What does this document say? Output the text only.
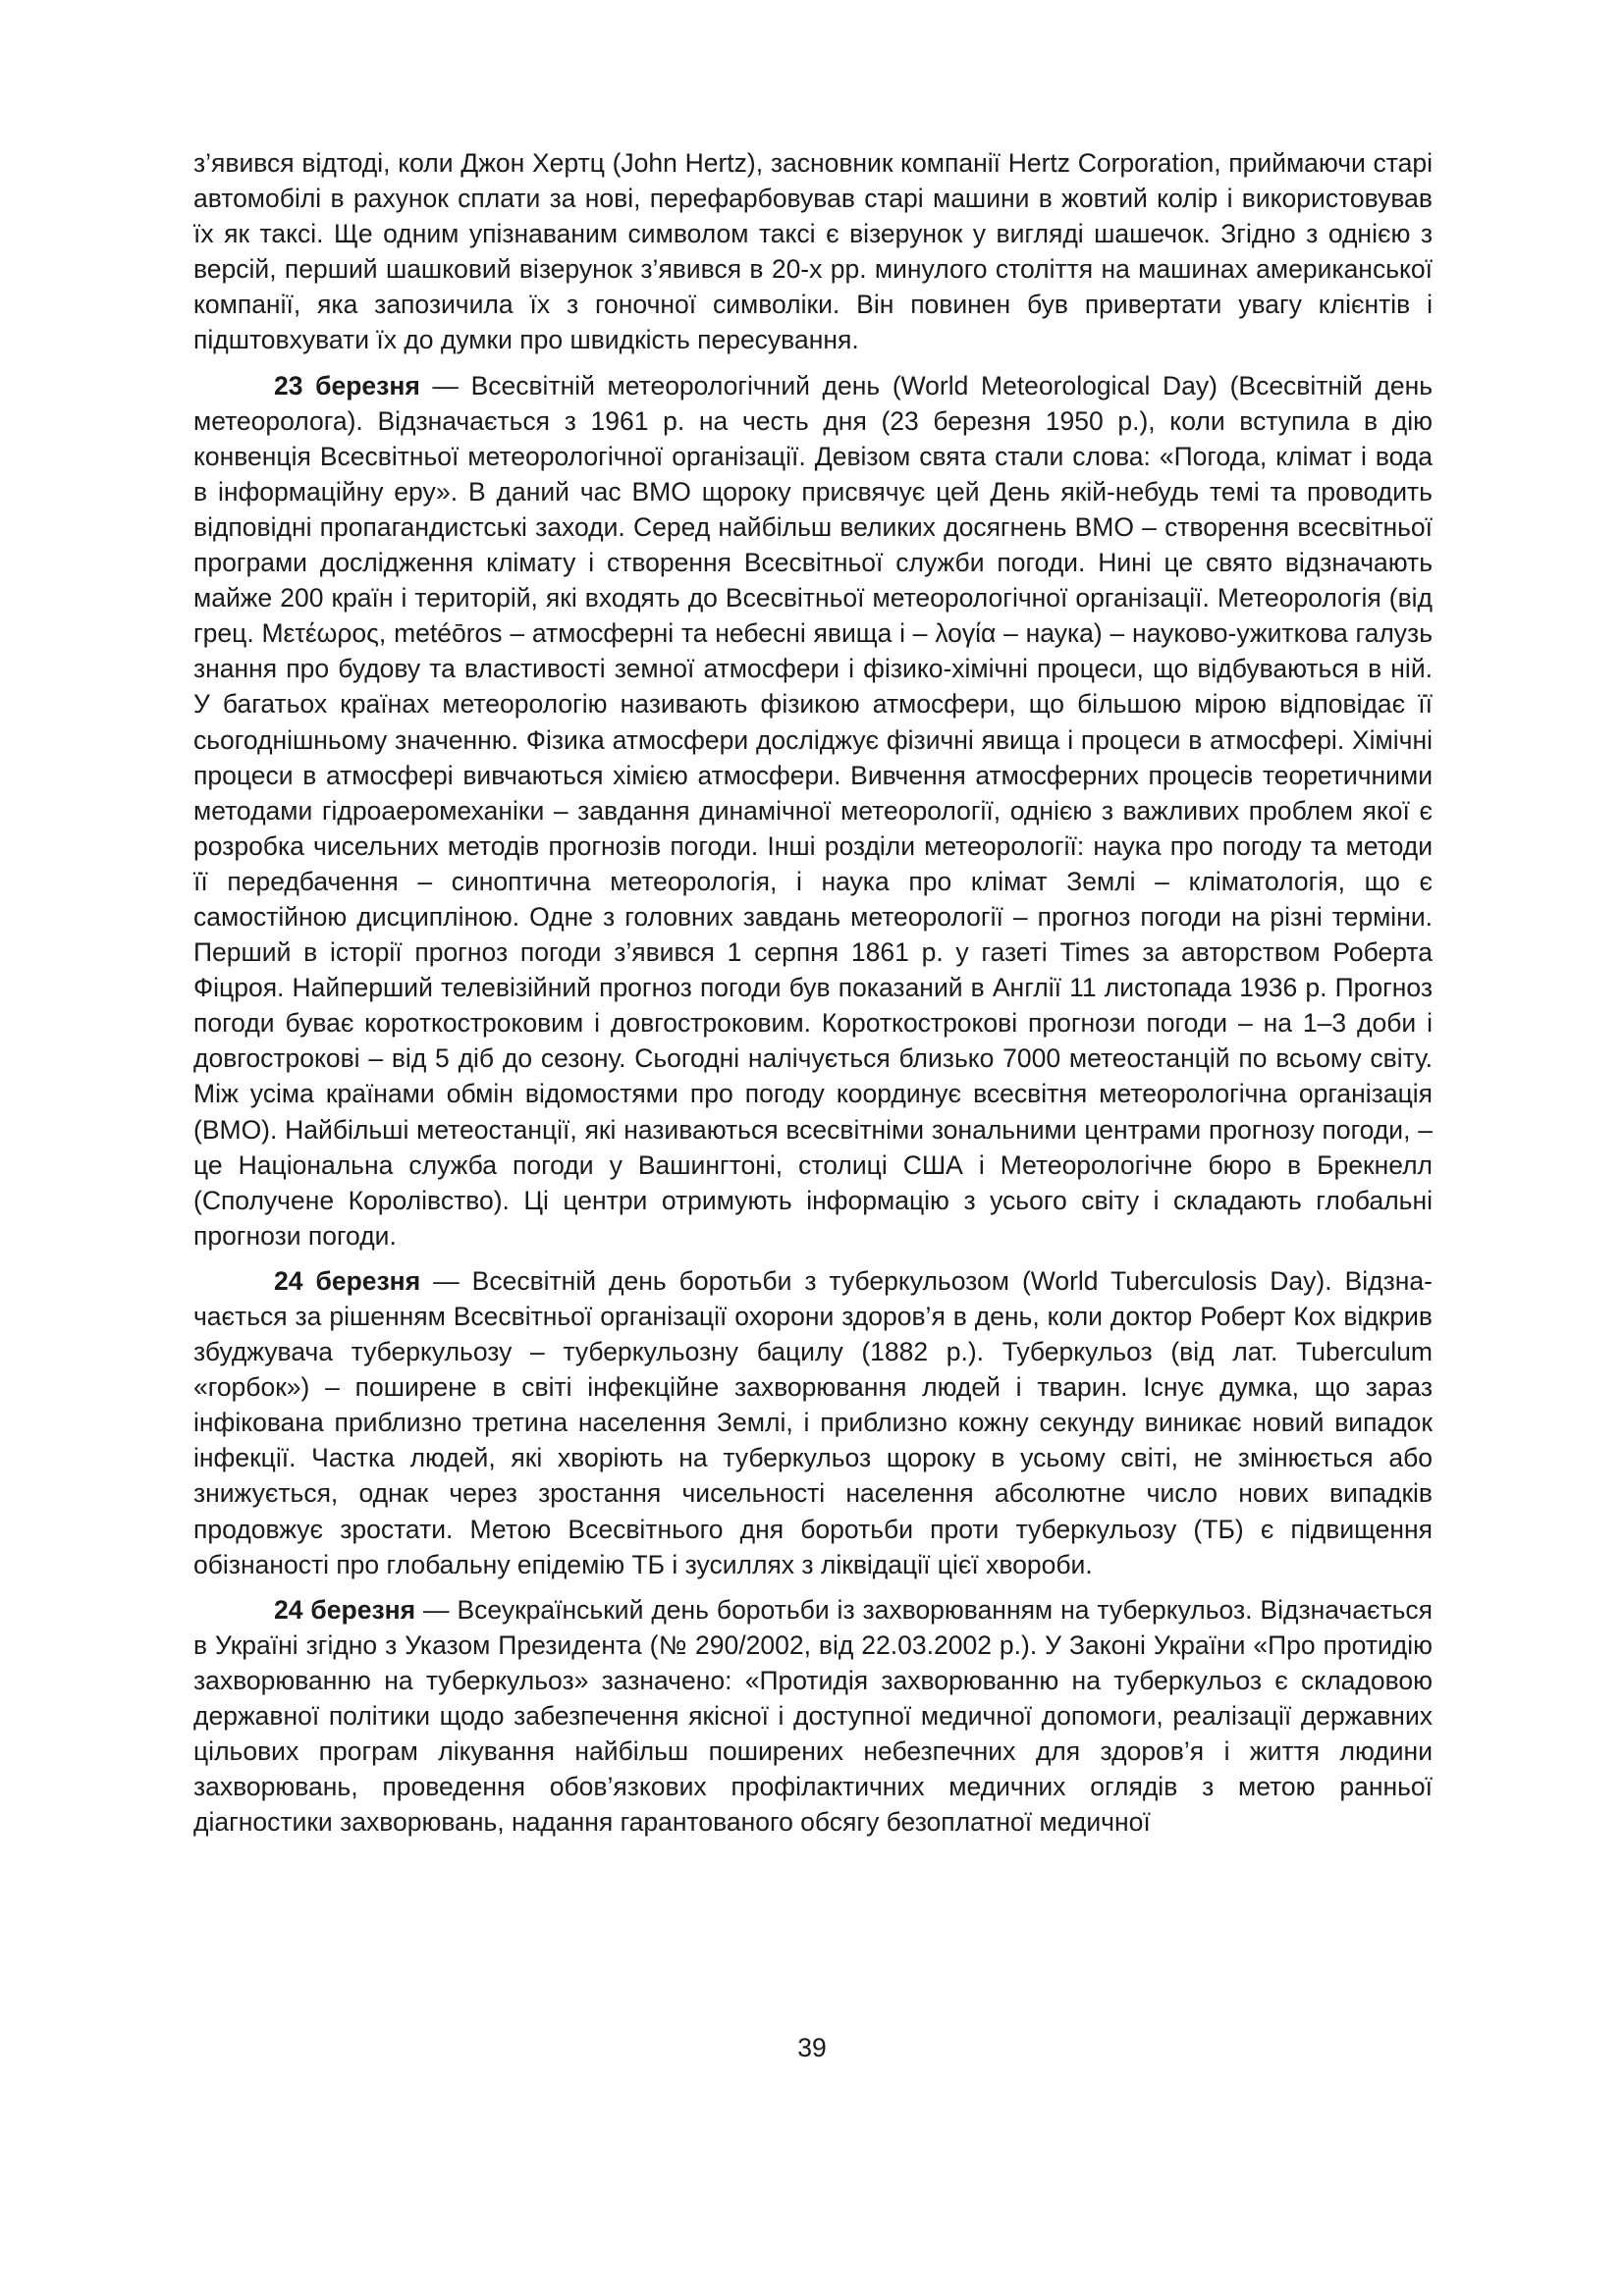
з’явився відтоді, коли Джон Хертц (John Hertz), засновник компанії Hertz Corporation, приймаючи старі автомобілі в рахунок сплати за нові, перефарбовував старі машини в жовтий колір і використовував їх як таксі. Ще одним упізнаваним символом таксі є візерунок у вигляді шашечок. Згідно з однією з версій, перший шашковий візерунок з’явився в 20-х рр. минулого століття на машинах американської компанії, яка запозичила їх з гоночної символіки. Він повинен був привертати увагу клієнтів і підштовхувати їх до думки про швидкість пересування.

23 березня — Всесвітній метеорологічний день (World Meteorological Day) (Всесвітній день метеоролога). Відзначається з 1961 р. на честь дня (23 березня 1950 р.), коли вступила в дію конвенція Всесвітньої метеорологічної організації. Девізом свята стали слова: «Погода, клімат і вода в інформаційну еру». В даний час ВМО щороку присвячує цей День якій-небудь темі та проводить відповідні пропагандистські заходи. Серед найбільш великих досягнень ВМО – створення всесвітньої програми дослідження клімату і створення Всесвітньої служби погоди. Нині це свято відзначають майже 200 країн і територій, які входять до Всесвітньої метеорологічної організації. Метеорологія (від грец. Μετέωρος, metéōros – атмосферні та небесні явища і – λογία – наука) – науково-ужиткова галузь знання про будову та властивості земної атмосфери і фізико-хімічні процеси, що відбуваються в ній. У багатьох країнах метеорологію називають фізикою атмосфери, що більшою мірою відповідає її сьогоднішньому значенню. Фізика атмосфери досліджує фізичні явища і процеси в атмосфері. Хімічні процеси в атмосфері вивчаються хімією атмосфери. Вивчення атмосферних процесів теоретичними методами гідроаеромеханіки – завдання динамічної метеорології, однією з важливих проблем якої є розробка чисельних методів прогнозів погоди. Інші розділи метеорології: наука про погоду та методи її передбачення – синоптична метеорологія, і наука про клімат Землі – кліматологія, що є самостійною дисципліною. Одне з головних завдань метеорології – прогноз погоди на різні терміни. Перший в історії прогноз погоди з’явився 1 серпня 1861 р. у газеті Times за авторством Роберта Фіцроя. Найперший телевізійний прогноз погоди був показаний в Англії 11 листопада 1936 р. Прогноз погоди буває короткостроковим і довгостроковим. Короткострокові прогнози погоди – на 1–3 доби і довгострокові – від 5 діб до сезону. Сьогодні налічується близько 7000 метеостанцій по всьому світу. Між усіма країнами обмін відомостями про погоду координує всесвітня метеорологічна організація (ВМО). Найбільші метеостанції, які називаються всесвітніми зональними центрами прогнозу погоди, – це Національна служба погоди у Вашингтоні, столиці США і Метеорологічне бюро в Брекнелл (Сполучене Королівство). Ці центри отримують інформацію з усього світу і складають глобальні прогнози погоди.

24 березня — Всесвітній день боротьби з туберкульозом (World Tuberculosis Day). Відзначається за рішенням Всесвітньої організації охорони здоров’я в день, коли доктор Роберт Кох відкрив збуджувача туберкульозу – туберкульозну бацилу (1882 р.). Туберкульоз (від лат. Tuberculum «горбок») – поширене в світі інфекційне захворювання людей і тварин. Існує думка, що зараз інфікована приблизно третина населення Землі, і приблизно кожну секунду виникає новий випадок інфекції. Частка людей, які хворіють на туберкульоз щороку в усьому світі, не змінюється або знижується, однак через зростання чисельності населення абсолютне число нових випадків продовжує зростати. Метою Всесвітнього дня боротьби проти туберкульозу (ТБ) є підвищення обізнаності про глобальну епідемію ТБ і зусиллях з ліквідації цієї хвороби.

24 березня — Всеукраїнський день боротьби із захворюванням на туберкульоз. Відзначається в Україні згідно з Указом Президента (№ 290/2002, від 22.03.2002 р.). У Законі України «Про протидію захворюванню на туберкульоз» зазначено: «Протидія захворюванню на туберкульоз є складовою державної політики щодо забезпечення якісної і доступної медичної допомоги, реалізації державних цільових програм лікування найбільш поширених небезпечних для здоров’я і життя людини захворювань, проведення обов’язкових профілактичних медичних оглядів з метою ранньої діагностики захворювань, надання гарантованого обсягу безоплатної медичної

39
